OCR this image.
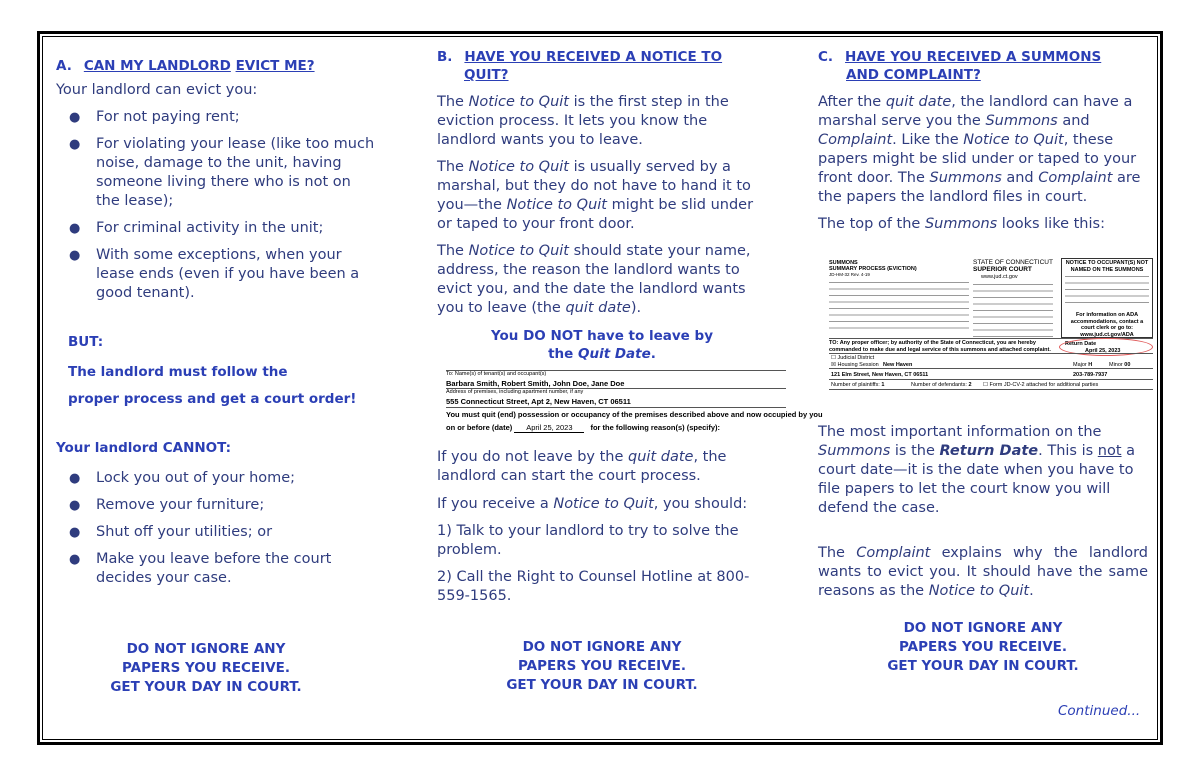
A. CAN MY LANDLORD EVICT ME?

Your landlord can evict you:

● For not paying rent;
● For violating your lease (like too much noise, damage to the unit, having someone living there who is not on the lease);
● For criminal activity in the unit;
● With some exceptions, when your lease ends (even if you have been a good tenant).

BUT:

The landlord must follow the

proper process and get a court order!

Your landlord CANNOT:

● Lock you out of your home;
● Remove your furniture;
● Shut off your utilities; or
● Make you leave before the court decides your case.

DO NOT IGNORE ANY

PAPERS YOU RECEIVE.

GET YOUR DAY IN COURT.

B. HAVE YOU RECEIVED A NOTICE TO
QUIT?

The Notice to Quit is the first step in the eviction process. It lets you know the landlord wants you to leave.

The Notice to Quit is usually served by a marshal, but they do not have to hand it to you—the Notice to Quit might be slid under or taped to your front door.

The Notice to Quit should state your name, address, the reason the landlord wants to evict you, and the date the landlord wants you to leave (the quit date).

You DO NOT have to leave by

the Quit Date.

To: Name(s) of tenant(s) and occupant(s)
Barbara Smith, Robert Smith, John Doe, Jane Doe
Address of premises, including apartment number, if any
555 Connecticut Street, Apt 2, New Haven, CT 06511
You must quit (end) possession or occupancy of the premises described above and now occupied by you
on or before (date) April 25, 2023 for the following reason(s) (specify):

If you do not leave by the quit date, the landlord can start the court process.

If you receive a Notice to Quit, you should:

1) Talk to your landlord to try to solve the problem.

2) Call the Right to Counsel Hotline at 800-559-1565.

DO NOT IGNORE ANY

PAPERS YOU RECEIVE.

GET YOUR DAY IN COURT.

C. HAVE YOU RECEIVED A SUMMONS
AND COMPLAINT?

After the quit date, the landlord can have a marshal serve you the Summons and Complaint. Like the Notice to Quit, these papers might be slid under or taped to your front door. The Summons and Complaint are the papers the landlord files in court.

The top of the Summons looks like this:

SUMMONS
SUMMARY PROCESS (EVICTION)
JD-HM-32 Rev. 4-19
STATE OF CONNECTICUT
SUPERIOR COURT
www.jud.ct.gov
NOTICE TO OCCUPANT(S) NOT NAMED ON THE SUMMONS
For information on ADA accommodations, contact a court clerk or go to: www.jud.ct.gov/ADA
TO: Any proper officer; by authority of the State of Connecticut, you are hereby commanded to make due and legal service of this summons and attached complaint.
Return Date
April 25, 2023
☐ Judicial District
☒ Housing Session New Haven	Major H	Minor 00
121 Elm Street, New Haven, CT 06511	203-789-7937
Number of plaintiffs: 1	Number of defendants: 2 ☐ Form JD-CV-2 attached for additional parties

The most important information on the Summons is the Return Date. This is not a court date—it is the date when you have to file papers to let the court know you will defend the case.

The Complaint explains why the landlord wants to evict you. It should have the same reasons as the Notice to Quit.

DO NOT IGNORE ANY

PAPERS YOU RECEIVE.

GET YOUR DAY IN COURT.

Continued...
